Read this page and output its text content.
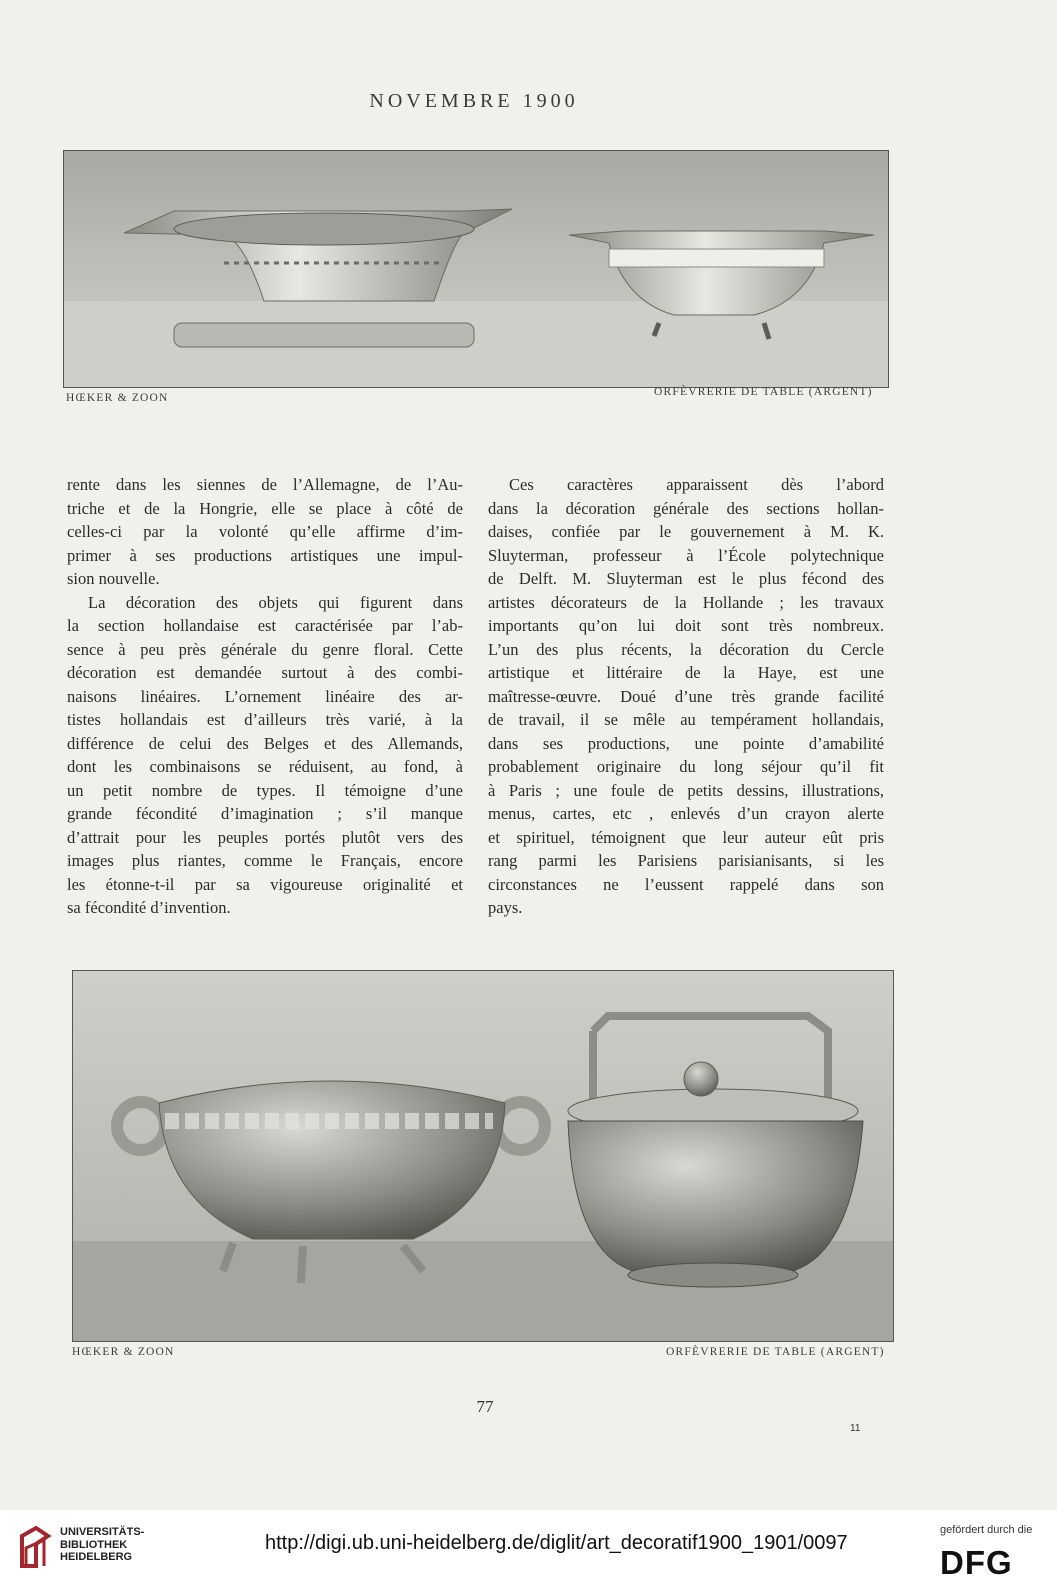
NOVEMBRE 1900
HŒKER & ZOON	ORFÈVRERIE DE TABLE (ARGENT)
rente dans les siennes de l’Allemagne, de l’Au-
triche et de la Hongrie, elle se place à côté de
celles-ci par la volonté qu’elle affirme d’im-
primer à ses productions artistiques une impul-
sion nouvelle.
La décoration des objets qui figurent dans
la section hollandaise est caractérisée par l’ab-
sence à peu près générale du genre floral. Cette
décoration est demandée surtout à des combi-
naisons linéaires. L’ornement linéaire des ar-
tistes hollandais est d’ailleurs très varié, à la
différence de celui des Belges et des Allemands,
dont les combinaisons se réduisent, au fond, à
un petit nombre de types. Il témoigne d’une
grande fécondité d’imagination ; s’il manque
d’attrait pour les peuples portés plutôt vers des
images plus riantes, comme le Français, encore
les étonne-t-il par sa vigoureuse originalité et
sa fécondité d’invention.
Ces caractères apparaissent dès l’abord
dans la décoration générale des sections hollan-
daises, confiée par le gouvernement à M. K.
Sluyterman, professeur à l’École polytechnique
de Delft. M. Sluyterman est le plus fécond des
artistes décorateurs de la Hollande ; les travaux
importants qu’on lui doit sont très nombreux.
L’un des plus récents, la décoration du Cercle
artistique et littéraire de la Haye, est une
maîtresse-œuvre. Doué d’une très grande facilité
de travail, il se mêle au tempérament hollandais,
dans ses productions, une pointe d’amabilité
probablement originaire du long séjour qu’il fit
à Paris ; une foule de petits dessins, illustrations,
menus, cartes, etc , enlevés d’un crayon alerte
et spirituel, témoignent que leur auteur eût pris
rang parmi les Parisiens parisianisants, si les
circonstances ne l’eussent rappelé dans son
pays.
HŒKER & ZOON	ORFÈVRERIE DE TABLE (ARGENT)
77
11
UNIVERSITÄTS-
BIBLIOTHEK
HEIDELBERG
http://digi.ub.uni-heidelberg.de/diglit/art_decoratif1900_1901/0097
gefördert durch die
DFG
